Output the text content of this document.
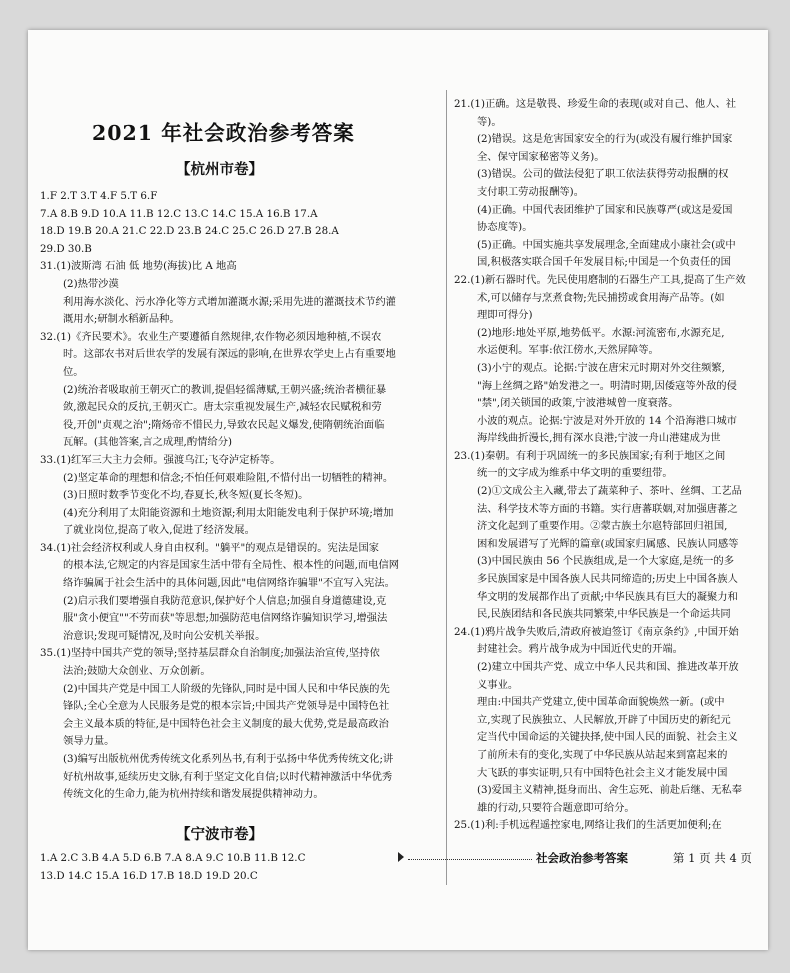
2021 年社会政治参考答案
【杭州市卷】
1.F 2.T 3.T 4.F 5.T 6.F
7.A 8.B 9.D 10.A 11.B 12.C 13.C 14.C 15.A 16.B 17.A
18.D 19.B 20.A 21.C 22.D 23.B 24.C 25.C 26.D 27.B 28.A
29.D 30.B
31.(1)波斯湾 石油 低 地势(海拔)比 A 地高
(2)热带沙漠
利用海水淡化、污水净化等方式增加灌溉水源;采用先进的灌溉技术节约灌
溉用水;研制水稻新品种。
32.(1)《齐民要术》。农业生产要遵循自然规律,农作物必须因地种植,不误农
时。这部农书对后世农学的发展有深远的影响,在世界农学史上占有重要地
位。
(2)统治者吸取前王朝灭亡的教训,提倡轻徭薄赋,王朝兴盛;统治者横征暴
敛,激起民众的反抗,王朝灭亡。唐太宗重视发展生产,减轻农民赋税和劳
役,开创"贞观之治";隋炀帝不惜民力,导致农民起义爆发,使隋朝统治面临
瓦解。(其他答案,言之成理,酌情给分)
33.(1)红军三大主力会师。强渡乌江;飞夺泸定桥等。
(2)坚定革命的理想和信念;不怕任何艰难险阻,不惜付出一切牺牲的精神。
(3)日照时数季节变化不均,春夏长,秋冬短(夏长冬短)。
(4)充分利用了太阳能资源和土地资源;利用太阳能发电利于保护环境;增加
了就业岗位,提高了收入,促进了经济发展。
34.(1)社会经济权利或人身自由权利。"躺平"的观点是错误的。宪法是国家
的根本法,它规定的内容是国家生活中带有全局性、根本性的问题,而电信网
络诈骗属于社会生活中的具体问题,因此"电信网络诈骗罪"不宜写入宪法。
(2)启示我们要增强自我防范意识,保护好个人信息;加强自身道德建设,克
服"贪小便宜""不劳而获"等思想;加强防范电信网络诈骗知识学习,增强法
治意识;发现可疑情况,及时向公安机关举报。
35.(1)坚持中国共产党的领导;坚持基层群众自治制度;加强法治宣传,坚持依
法治;鼓励大众创业、万众创新。
(2)中国共产党是中国工人阶级的先锋队,同时是中国人民和中华民族的先
锋队;全心全意为人民服务是党的根本宗旨;中国共产党领导是中国特色社
会主义最本质的特征,是中国特色社会主义制度的最大优势,党是最高政治
领导力量。
(3)编写出版杭州优秀传统文化系列丛书,有利于弘扬中华优秀传统文化;讲
好杭州故事,延续历史文脉,有利于坚定文化自信;以时代精神激活中华优秀
传统文化的生命力,能为杭州持续和谐发展提供精神动力。
【宁波市卷】
1.A 2.C 3.B 4.A 5.D 6.B 7.A 8.A 9.C 10.B 11.B 12.C
13.D 14.C 15.A 16.D 17.B 18.D 19.D 20.C
21.(1)正确。这是敬畏、珍爱生命的表现(或对自己、他人、社
等)。
(2)错误。这是危害国家安全的行为(或没有履行维护国家
全、保守国家秘密等义务)。
(3)错误。公司的做法侵犯了职工依法获得劳动报酬的权
支付职工劳动报酬等)。
(4)正确。中国代表团维护了国家和民族尊严(或这是爱国
协态度等)。
(5)正确。中国实施共享发展理念,全面建成小康社会(或中
国,积极落实联合国千年发展目标;中国是一个负责任的国
22.(1)新石器时代。先民使用磨制的石器生产工具,提高了生产效
术,可以储存与烹煮食物;先民捕捞或食用海产品等。(如
理即可得分)
(2)地形:地处平原,地势低平。水源:河流密布,水源充足,
水运便利。军事:依江傍水,天然屏障等。
(3)小宁的观点。论据:宁波在唐宋元时期对外交往频繁,
"海上丝绸之路"始发港之一。明清时期,因倭寇等外敌的侵
"禁",闭关锁国的政策,宁波港城曾一度衰落。
小波的观点。论据:宁波是对外开放的 14 个沿海港口城市
海岸线曲折漫长,拥有深水良港;宁波一舟山港建成为世
23.(1)秦朝。有利于巩固统一的多民族国家;有利于地区之间
统一的文字成为维系中华文明的重要纽带。
(2)①文成公主入藏,带去了蔬菜种子、茶叶、丝绸、工艺品
法、科学技术等方面的书籍。实行唐蕃联姻,对加强唐蕃之
济文化起到了重要作用。②蒙古族土尔扈特部回归祖国,
困和发展谱写了光辉的篇章(或国家归属感、民族认同感等
(3)中国民族由 56 个民族组成,是一个大家庭,是统一的多
多民族国家是中国各族人民共同缔造的;历史上中国各族人
华文明的发展都作出了贡献;中华民族具有巨大的凝聚力和
民,民族团结和各民族共同繁荣,中华民族是一个命运共同
24.(1)鸦片战争失败后,清政府被迫签订《南京条约》,中国开始
封建社会。鸦片战争成为中国近代史的开端。
(2)建立中国共产党、成立中华人民共和国、推进改革开放
义事业。
理由:中国共产党建立,使中国革命面貌焕然一新。(或中
立,实现了民族独立、人民解放,开辟了中国历史的新纪元
定当代中国命运的关键抉择,使中国人民的面貌、社会主义
了前所未有的变化,实现了中华民族从站起来到富起来的
大飞跃的事实证明,只有中国特色社会主义才能发展中国
(3)爱国主义精神,挺身而出、舍生忘死、前赴后继、无私奉
雄的行动,只要符合题意即可给分。
25.(1)利:手机远程遥控家电,网络让我们的生活更加便利;在
社会政治参考答案	第 1 页 共 4 页
